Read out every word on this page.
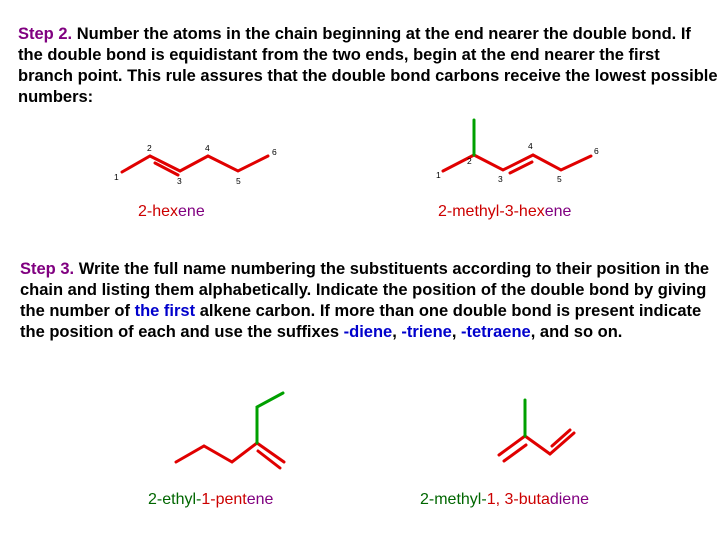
Step 2. Number the atoms in the chain beginning at the end nearer the double bond. If the double bond is equidistant from the two ends, begin at the end nearer the first branch point. This rule assures that the double bond carbons receive the lowest possible numbers:

1
2
3
4
5
6
2-hexene
1
2
3
4
5
6
2-methyl-3-hexene

Step 3. Write the full name numbering the substituents according to their position in the chain and listing them alphabetically. Indicate the position of the double bond by giving the number of the first alkene carbon. If more than one double bond is present indicate the position of each and use the suffixes -diene, -triene, -tetraene, and so on.

2-ethyl-1-pentene	2-methyl-1, 3-butadiene
